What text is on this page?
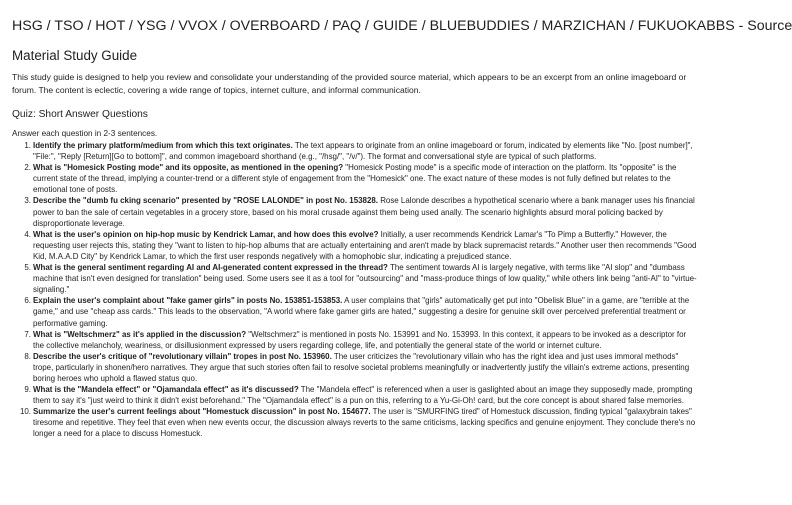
HSG / TSO / HOT / YSG / VVOX / OVERBOARD / PAQ / GUIDE / BLUEBUDDIES / MARZICHAN / FUKUOKABBS - Source
Material Study Guide

This study guide is designed to help you review and consolidate your understanding of the provided source material, which appears to be an excerpt from an online imageboard or forum. The content is eclectic, covering a wide range of topics, internet culture, and informal communication.

Quiz: Short Answer Questions

Answer each question in 2-3 sentences.

1. Identify the primary platform/medium from which this text originates. The text appears to originate from an online imageboard or forum, indicated by elements like "No. [post number]", "File:", "Reply [Return][Go to bottom]", and common imageboard shorthand (e.g., "/hsg/", "/v/"). The format and conversational style are typical of such platforms.
2. What is "Homesick Posting mode" and its opposite, as mentioned in the opening? "Homesick Posting mode" is a specific mode of interaction on the platform. Its "opposite" is the current state of the thread, implying a counter-trend or a different style of engagement from the "Homesick" one. The exact nature of these modes is not fully defined but relates to the emotional tone of posts.
3. Describe the "dumb fu cking scenario" presented by "ROSE LALONDE" in post No. 153828. Rose Lalonde describes a hypothetical scenario where a bank manager uses his financial power to ban the sale of certain vegetables in a grocery store, based on his moral crusade against them being used anally. The scenario highlights absurd moral policing backed by disproportionate leverage.
4. What is the user's opinion on hip-hop music by Kendrick Lamar, and how does this evolve? Initially, a user recommends Kendrick Lamar's "To Pimp a Butterfly." However, the requesting user rejects this, stating they "want to listen to hip-hop albums that are actually entertaining and aren't made by black supremacist retards." Another user then recommends "Good Kid, M.A.A.D City" by Kendrick Lamar, to which the first user responds negatively with a homophobic slur, indicating a prejudiced stance.
5. What is the general sentiment regarding AI and AI-generated content expressed in the thread? The sentiment towards AI is largely negative, with terms like "AI slop" and "dumbass machine that isn't even designed for translation" being used. Some users see it as a tool for "outsourcing" and "mass-produce things of low quality," while others link being "anti-AI" to "virtue-signaling."
6. Explain the user's complaint about "fake gamer girls" in posts No. 153851-153853. A user complains that "girls" automatically get put into "Obelisk Blue" in a game, are "terrible at the game," and use "cheap ass cards." This leads to the observation, "A world where fake gamer girls are hated," suggesting a desire for genuine skill over perceived preferential treatment or performative gaming.
7. What is "Weltschmerz" as it's applied in the discussion? "Weltschmerz" is mentioned in posts No. 153991 and No. 153993. In this context, it appears to be invoked as a descriptor for the collective melancholy, weariness, or disillusionment expressed by users regarding college, life, and potentially the general state of the world or internet culture.
8. Describe the user's critique of "revolutionary villain" tropes in post No. 153960. The user criticizes the "revolutionary villain who has the right idea and just uses immoral methods" trope, particularly in shonen/hero narratives. They argue that such stories often fail to resolve societal problems meaningfully or inadvertently justify the villain's extreme actions, presenting boring heroes who uphold a flawed status quo.
9. What is the "Mandela effect" or "Ojamandala effect" as it's discussed? The "Mandela effect" is referenced when a user is gaslighted about an image they supposedly made, prompting them to say it's "just weird to think it didn't exist beforehand." The "Ojamandala effect" is a pun on this, referring to a Yu-Gi-Oh! card, but the core concept is about shared false memories.
10. Summarize the user's current feelings about "Homestuck discussion" in post No. 154677. The user is "SMURFING tired" of Homestuck discussion, finding typical "galaxybrain takes" tiresome and repetitive. They feel that even when new events occur, the discussion always reverts to the same criticisms, lacking specifics and genuine enjoyment. They conclude there's no longer a need for a place to discuss Homestuck.
